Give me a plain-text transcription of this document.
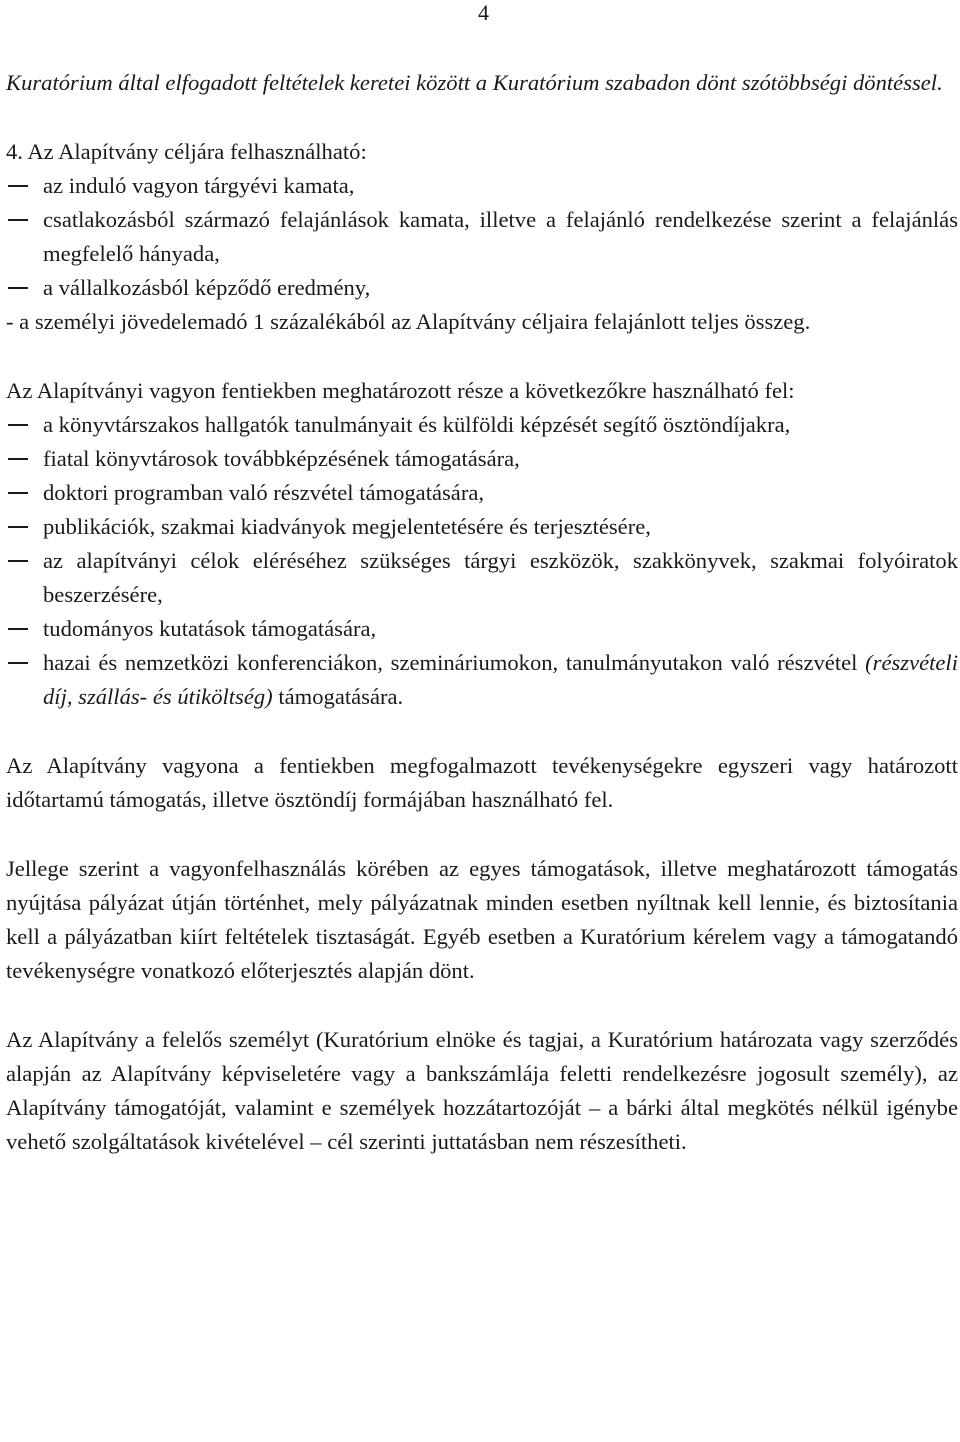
4

Kuratórium által elfogadott feltételek keretei között a Kuratórium szabadon dönt szótöbbségi döntéssel.

4. Az Alapítvány céljára felhasználható:

az induló vagyon tárgyévi kamata,
csatlakozásból származó felajánlások kamata, illetve a felajánló rendelkezése szerint a felajánlás megfelelő hányada,
a vállalkozásból képződő eredmény,

- a személyi jövedelemadó 1 százalékából az Alapítvány céljaira felajánlott teljes összeg.

Az Alapítványi vagyon fentiekben meghatározott része a következőkre használható fel:

a könyvtárszakos hallgatók tanulmányait és külföldi képzését segítő ösztöndíjakra,
fiatal könyvtárosok továbbképzésének támogatására,
doktori programban való részvétel támogatására,
publikációk, szakmai kiadványok megjelentetésére és terjesztésére,
az alapítványi célok eléréséhez szükséges tárgyi eszközök, szakkönyvek, szakmai folyóiratok beszerzésére,
tudományos kutatások támogatására,
hazai és nemzetközi konferenciákon, szemináriumokon, tanulmányutakon való részvétel (részvételi díj, szállás- és útiköltség) támogatására.

Az Alapítvány vagyona a fentiekben megfogalmazott tevékenységekre egyszeri vagy határozott időtartamú támogatás, illetve ösztöndíj formájában használható fel.

Jellege szerint a vagyonfelhasználás körében az egyes támogatások, illetve meghatározott támogatás nyújtása pályázat útján történhet, mely pályázatnak minden esetben nyíltnak kell lennie, és biztosítania kell a pályázatban kiírt feltételek tisztaságát. Egyéb esetben a Kuratórium kérelem vagy a támogatandó tevékenységre vonatkozó előterjesztés alapján dönt.

Az Alapítvány a felelős személyt (Kuratórium elnöke és tagjai, a Kuratórium határozata vagy szerződés alapján az Alapítvány képviseletére vagy a bankszámlája feletti rendelkezésre jogosult személy), az Alapítvány támogatóját, valamint e személyek hozzátartozóját – a bárki által megkötés nélkül igénybe vehető szolgáltatások kivételével – cél szerinti juttatásban nem részesítheti.
